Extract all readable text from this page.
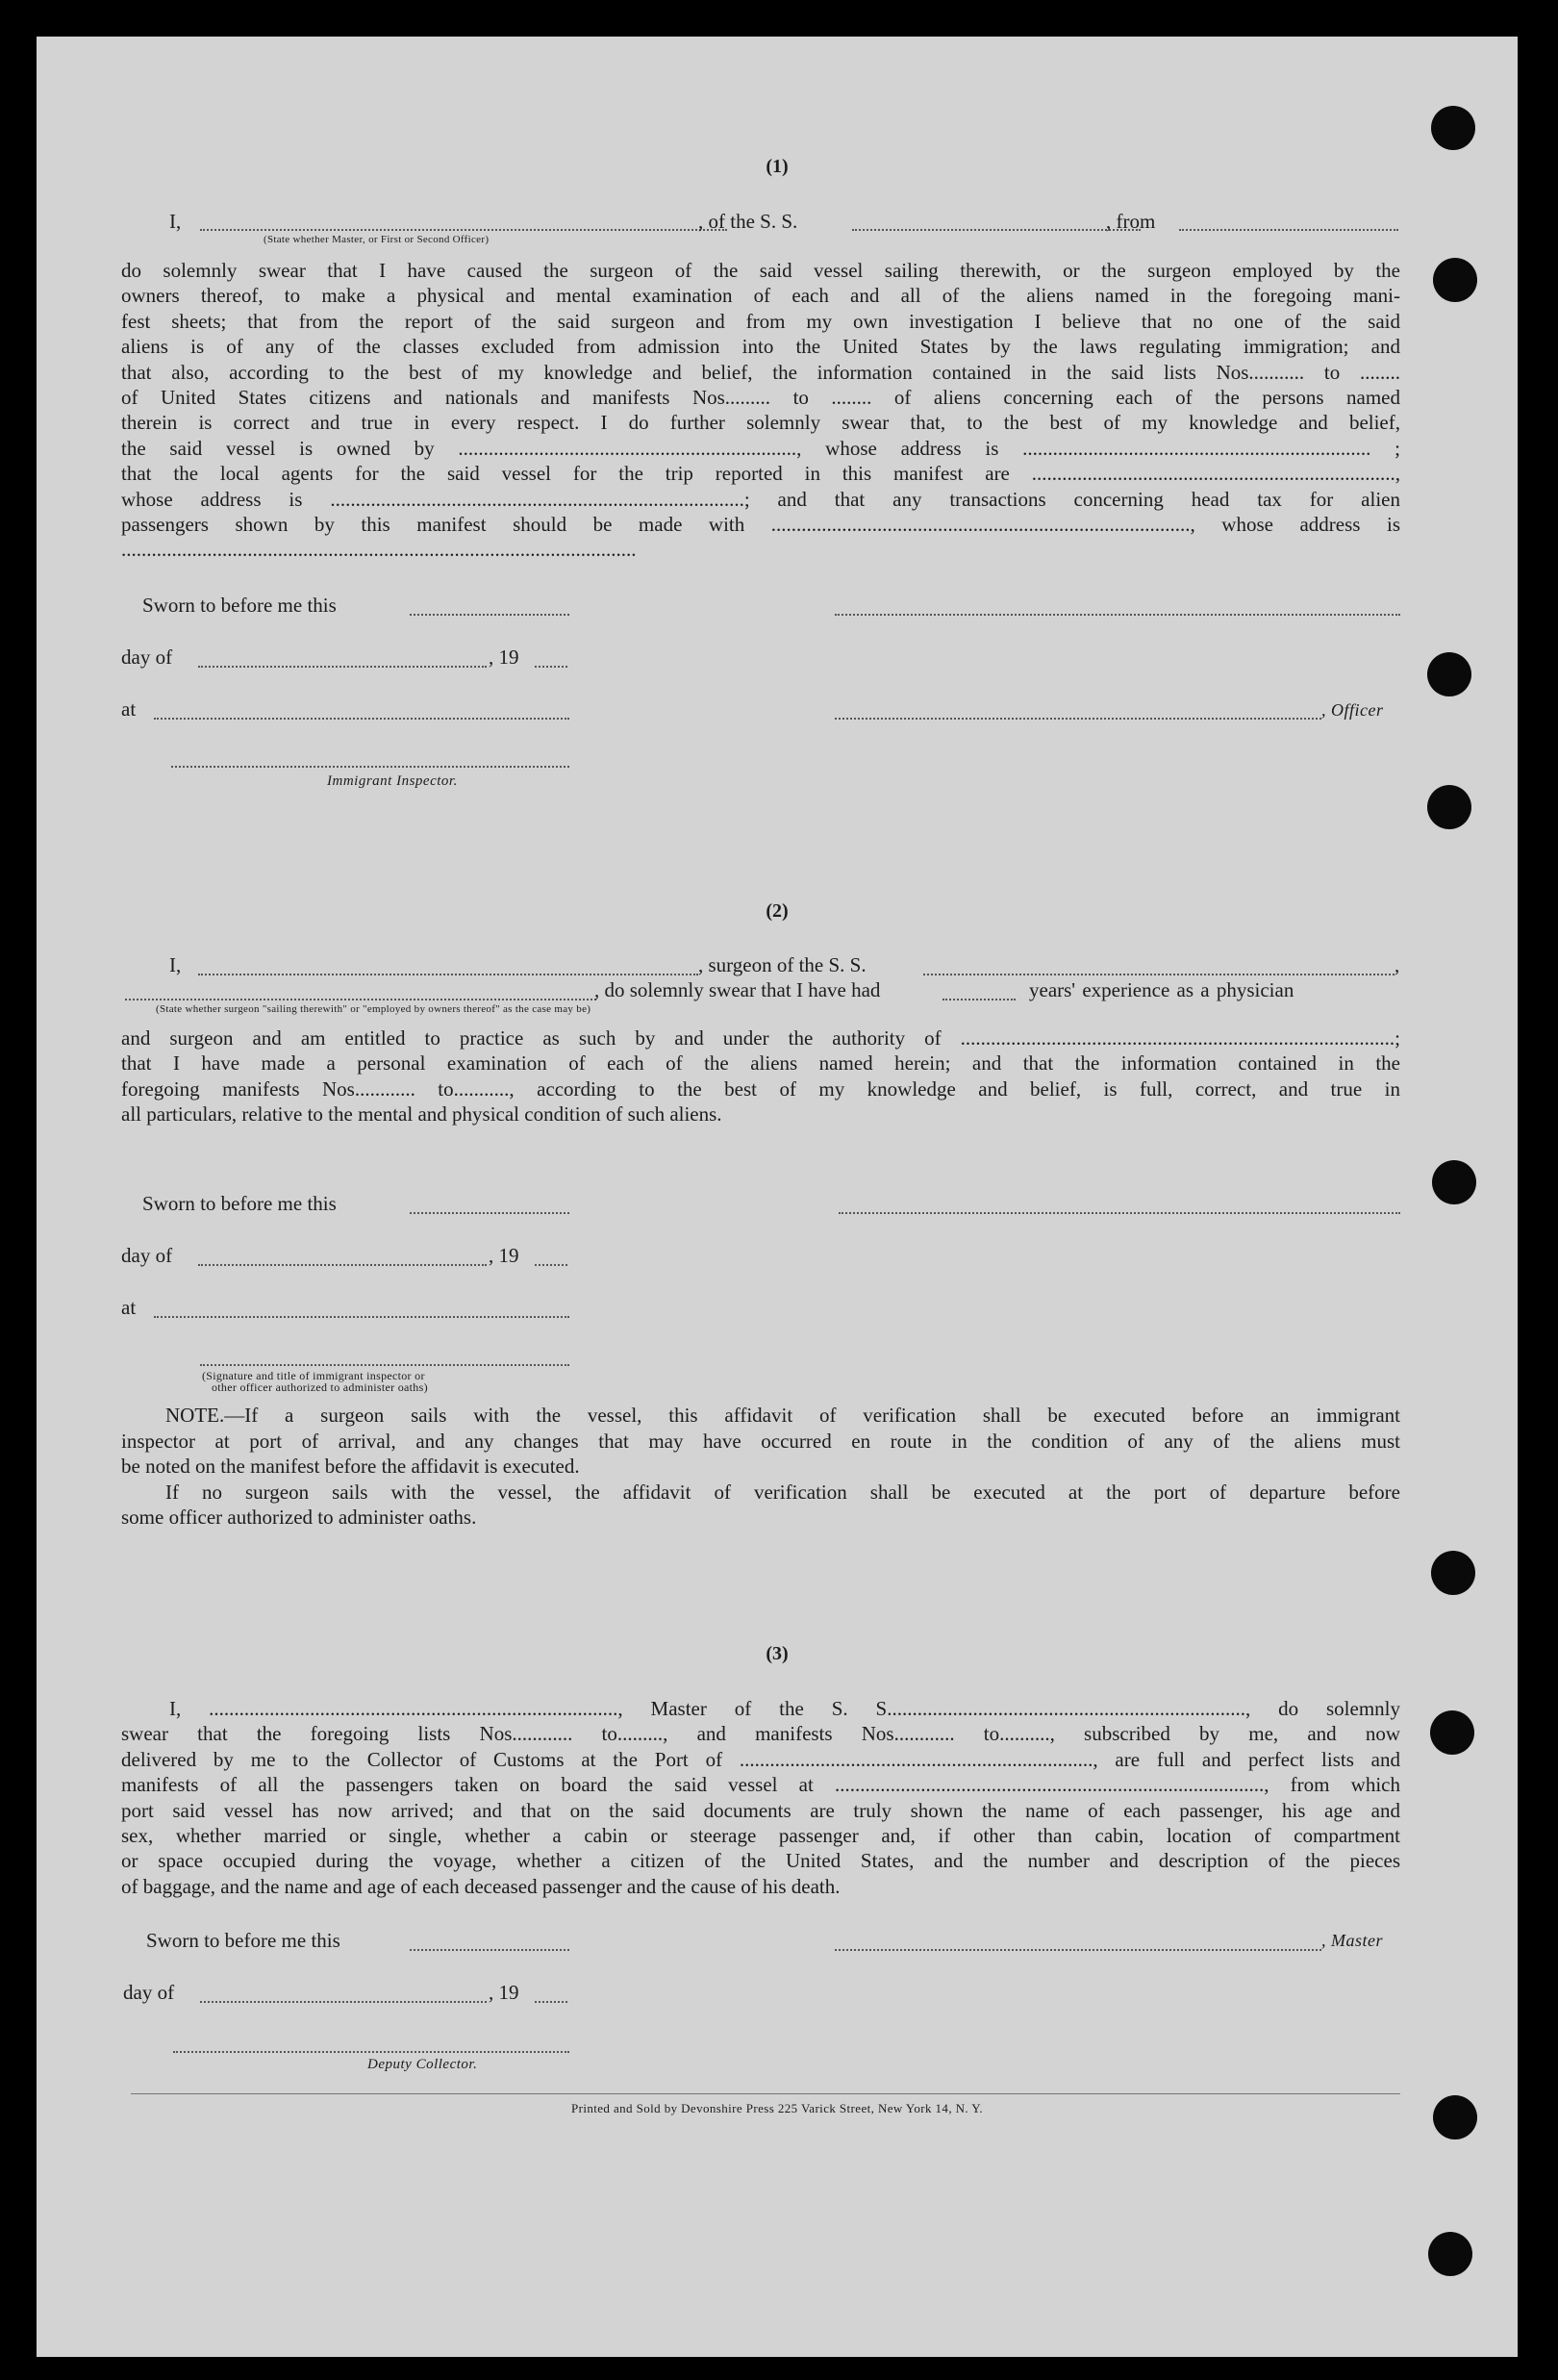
(1)
I,	, of the S. S.	, from
(State whether Master, or First or Second Officer)
do solemnly swear that I have caused the surgeon of the said vessel sailing therewith, or the surgeon employed by the
owners thereof, to make a physical and mental examination of each and all of the aliens named in the foregoing mani-
fest sheets; that from the report of the said surgeon and from my own investigation I believe that no one of the said
aliens is of any of the classes excluded from admission into the United States by the laws regulating immigration; and
that also, according to the best of my knowledge and belief, the information contained in the said lists Nos........... to ........
of United States citizens and nationals and manifests Nos......... to ........ of aliens concerning each of the persons named
therein is correct and true in every respect. I do further solemnly swear that, to the best of my knowledge and belief,
the said vessel is owned by ..................................................................., whose address is ..................................................................... ;
that the local agents for the said vessel for the trip reported in this manifest are ........................................................................,
whose address is ..................................................................................; and that any transactions concerning head tax for alien
passengers shown by this manifest should be made with ..................................................................................., whose address is
......................................................................................................
Sworn to before me this
day of	, 19
at	, Officer
Immigrant Inspector.
(2)
I,	, surgeon of the S. S.	,
, do solemnly swear that I have had	years' experience as a physician
(State whether surgeon "sailing therewith" or "employed by owners thereof" as the case may be)
and surgeon and am entitled to practice as such by and under the authority of ......................................................................................;
that I have made a personal examination of each of the aliens named herein; and that the information contained in the
foregoing manifests Nos............ to..........., according to the best of my knowledge and belief, is full, correct, and true in
all particulars, relative to the mental and physical condition of such aliens.
Sworn to before me this
day of	, 19
at
(Signature and title of immigrant inspector or
other officer authorized to administer oaths)
NOTE.—If a surgeon sails with the vessel, this affidavit of verification shall be executed before an immigrant
inspector at port of arrival, and any changes that may have occurred en route in the condition of any of the aliens must
be noted on the manifest before the affidavit is executed.
If no surgeon sails with the vessel, the affidavit of verification shall be executed at the port of departure before
some officer authorized to administer oaths.
(3)
I, ................................................................................., Master of the S. S......................................................................., do solemnly
swear that the foregoing lists Nos............ to........., and manifests Nos............ to.........., subscribed by me, and now
delivered by me to the Collector of Customs at the Port of ......................................................................, are full and perfect lists and
manifests of all the passengers taken on board the said vessel at ....................................................................................., from which
port said vessel has now arrived; and that on the said documents are truly shown the name of each passenger, his age and
sex, whether married or single, whether a cabin or steerage passenger and, if other than cabin, location of compartment
or space occupied during the voyage, whether a citizen of the United States, and the number and description of the pieces
of baggage, and the name and age of each deceased passenger and the cause of his death.
Sworn to before me this	, Master
day of	, 19
Deputy Collector.
Printed and Sold by Devonshire Press 225 Varick Street, New York 14, N. Y.
